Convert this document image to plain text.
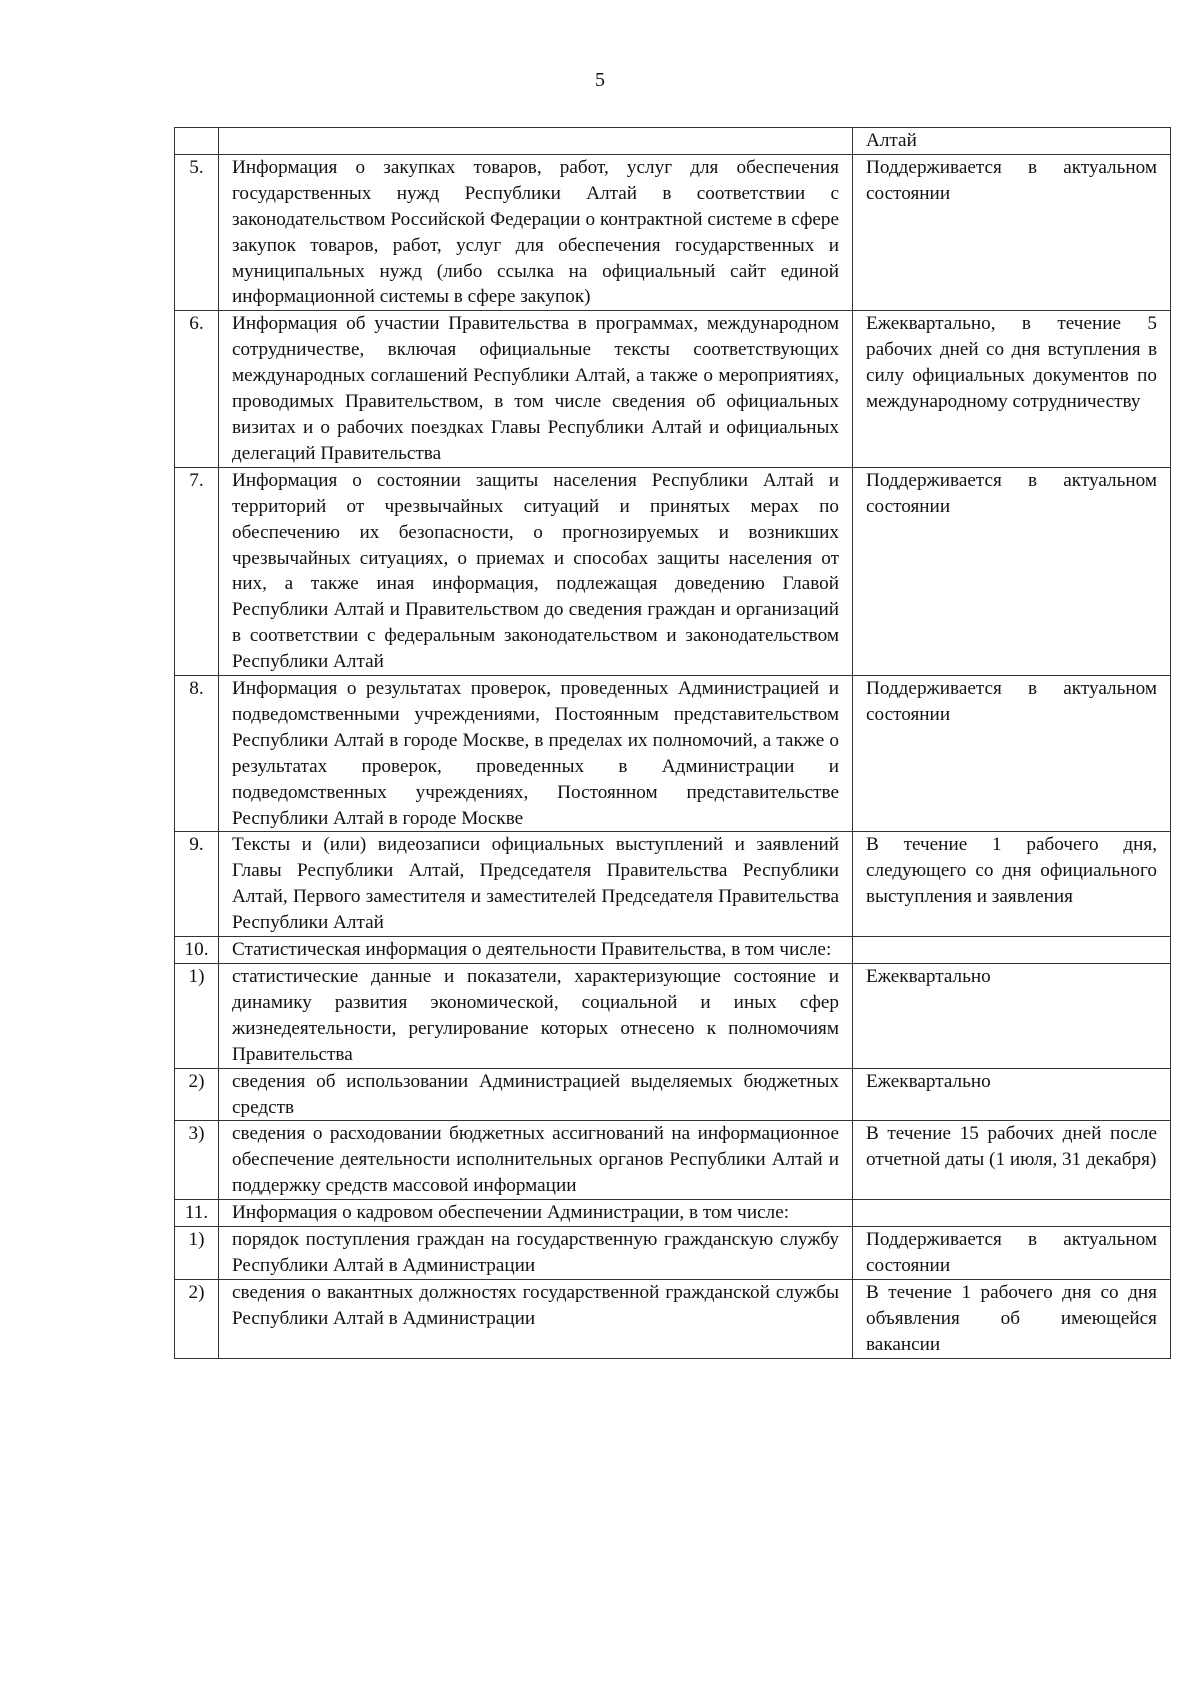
5
		Алтай
5.	Информация о закупках товаров, работ, услуг для обеспечения государственных нужд Республики Алтай в соответствии с законодательством Российской Федерации о контрактной системе в сфере закупок товаров, работ, услуг для обеспечения государственных и муниципальных нужд (либо ссылка на официальный сайт единой информационной системы в сфере закупок)	Поддерживается в актуальном состоянии
6.	Информация об участии Правительства в программах, международном сотрудничестве, включая официальные тексты соответствующих международных соглашений Республики Алтай, а также о мероприятиях, проводимых Правительством, в том числе сведения об официальных визитах и о рабочих поездках Главы Республики Алтай и официальных делегаций Правительства	Ежеквартально, в течение 5 рабочих дней со дня вступления в силу официальных документов по международному сотрудничеству
7.	Информация о состоянии защиты населения Республики Алтай и территорий от чрезвычайных ситуаций и принятых мерах по обеспечению их безопасности, о прогнозируемых и возникших чрезвычайных ситуациях, о приемах и способах защиты населения от них, а также иная информация, подлежащая доведению Главой Республики Алтай и Правительством до сведения граждан и организаций в соответствии с федеральным законодательством и законодательством Республики Алтай	Поддерживается в актуальном состоянии
8.	Информация о результатах проверок, проведенных Администрацией и подведомственными учреждениями, Постоянным представительством Республики Алтай в городе Москве, в пределах их полномочий, а также о результатах проверок, проведенных в Администрации и подведомственных учреждениях, Постоянном представительстве Республики Алтай в городе Москве	Поддерживается в актуальном состоянии
9.	Тексты и (или) видеозаписи официальных выступлений и заявлений Главы Республики Алтай, Председателя Правительства Республики Алтай, Первого заместителя и заместителей Председателя Правительства Республики Алтай	В течение 1 рабочего дня, следующего со дня официального выступления и заявления
10.	Статистическая информация о деятельности Правительства, в том числе:	
1)	статистические данные и показатели, характеризующие состояние и динамику развития экономической, социальной и иных сфер жизнедеятельности, регулирование которых отнесено к полномочиям Правительства	Ежеквартально
2)	сведения об использовании Администрацией выделяемых бюджетных средств	Ежеквартально
3)	сведения о расходовании бюджетных ассигнований на информационное обеспечение деятельности исполнительных органов Республики Алтай и поддержку средств массовой информации	В течение 15 рабочих дней после отчетной даты (1 июля, 31 декабря)
11.	Информация о кадровом обеспечении Администрации, в том числе:	
1)	порядок поступления граждан на государственную гражданскую службу Республики Алтай в Администрации	Поддерживается в актуальном состоянии
2)	сведения о вакантных должностях государственной гражданской службы Республики Алтай в Администрации	В течение 1 рабочего дня со дня объявления об имеющейся вакансии
